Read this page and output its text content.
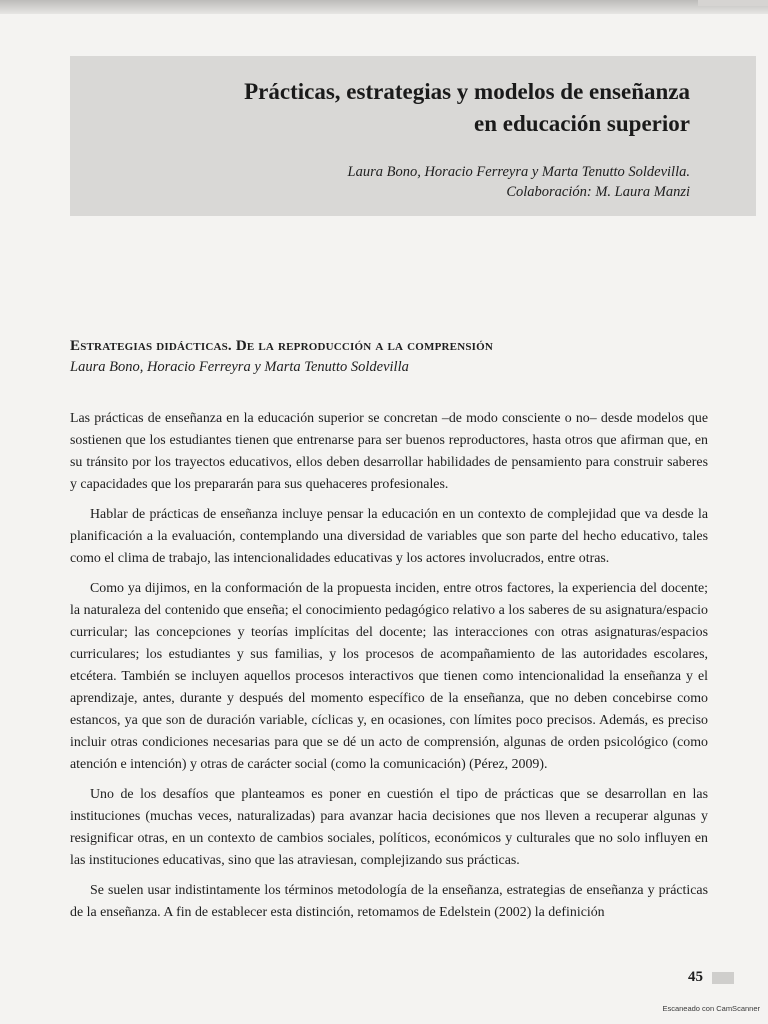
Prácticas, estrategias y modelos de enseñanza
en educación superior
Laura Bono, Horacio Ferreyra y Marta Tenutto Soldevilla.
Colaboración: M. Laura Manzi
Estrategias didácticas. De la reproducción a la comprensión
Laura Bono, Horacio Ferreyra y Marta Tenutto Soldevilla

Las prácticas de enseñanza en la educación superior se concretan –de modo consciente o no– desde modelos que sostienen que los estudiantes tienen que entrenarse para ser buenos reproductores, hasta otros que afirman que, en su tránsito por los trayectos educativos, ellos deben desarrollar habilidades de pensamiento para construir saberes y capacidades que los prepararán para sus quehaceres profesionales.

Hablar de prácticas de enseñanza incluye pensar la educación en un contexto de complejidad que va desde la planificación a la evaluación, contemplando una diversidad de variables que son parte del hecho educativo, tales como el clima de trabajo, las intencionalidades educativas y los actores involucrados, entre otras.

Como ya dijimos, en la conformación de la propuesta inciden, entre otros factores, la experiencia del docente; la naturaleza del contenido que enseña; el conocimiento pedagógico relativo a los saberes de su asignatura/espacio curricular; las concepciones y teorías implícitas del docente; las interacciones con otras asignaturas/espacios curriculares; los estudiantes y sus familias, y los procesos de acompañamiento de las autoridades escolares, etcétera. También se incluyen aquellos procesos interactivos que tienen como intencionalidad la enseñanza y el aprendizaje, antes, durante y después del momento específico de la enseñanza, que no deben concebirse como estancos, ya que son de duración variable, cíclicas y, en ocasiones, con límites poco precisos. Además, es preciso incluir otras condiciones necesarias para que se dé un acto de comprensión, algunas de orden psicológico (como atención e intención) y otras de carácter social (como la comunicación) (Pérez, 2009).

Uno de los desafíos que planteamos es poner en cuestión el tipo de prácticas que se desarrollan en las instituciones (muchas veces, naturalizadas) para avanzar hacia decisiones que nos lleven a recuperar algunas y resignificar otras, en un contexto de cambios sociales, políticos, económicos y culturales que no solo influyen en las instituciones educativas, sino que las atraviesan, complejizando sus prácticas.

Se suelen usar indistintamente los términos metodología de la enseñanza, estrategias de enseñanza y prácticas de la enseñanza. A fin de establecer esta distinción, retomamos de Edelstein (2002) la definición

45
Escaneado con CamScanner
